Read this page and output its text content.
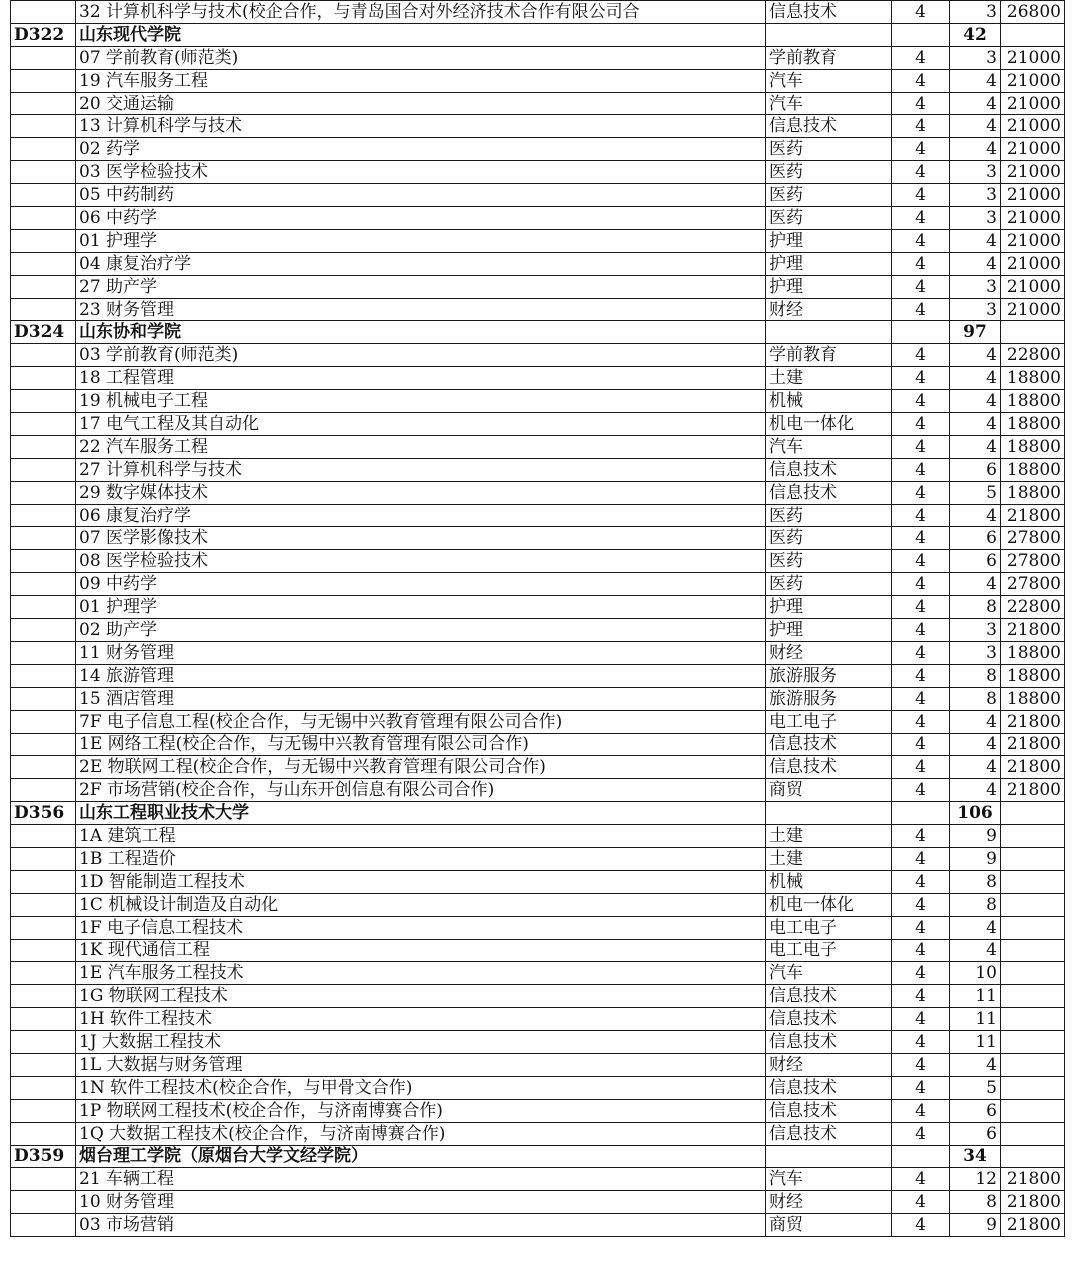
	32 计算机科学与技术(校企合作，与青岛国合对外经济技术合作有限公司合	信息技术	4	3	26800
D322	山东现代学院			42	
	07 学前教育(师范类)	学前教育	4	3	21000
	19 汽车服务工程	汽车	4	4	21000
	20 交通运输	汽车	4	4	21000
	13 计算机科学与技术	信息技术	4	4	21000
	02 药学	医药	4	4	21000
	03 医学检验技术	医药	4	3	21000
	05 中药制药	医药	4	3	21000
	06 中药学	医药	4	3	21000
	01 护理学	护理	4	4	21000
	04 康复治疗学	护理	4	4	21000
	27 助产学	护理	4	3	21000
	23 财务管理	财经	4	3	21000
D324	山东协和学院			97	
	03 学前教育(师范类)	学前教育	4	4	22800
	18 工程管理	土建	4	4	18800
	19 机械电子工程	机械	4	4	18800
	17 电气工程及其自动化	机电一体化	4	4	18800
	22 汽车服务工程	汽车	4	4	18800
	27 计算机科学与技术	信息技术	4	6	18800
	29 数字媒体技术	信息技术	4	5	18800
	06 康复治疗学	医药	4	4	21800
	07 医学影像技术	医药	4	6	27800
	08 医学检验技术	医药	4	6	27800
	09 中药学	医药	4	4	27800
	01 护理学	护理	4	8	22800
	02 助产学	护理	4	3	21800
	11 财务管理	财经	4	3	18800
	14 旅游管理	旅游服务	4	8	18800
	15 酒店管理	旅游服务	4	8	18800
	7F 电子信息工程(校企合作，与无锡中兴教育管理有限公司合作)	电工电子	4	4	21800
	1E 网络工程(校企合作，与无锡中兴教育管理有限公司合作)	信息技术	4	4	21800
	2E 物联网工程(校企合作，与无锡中兴教育管理有限公司合作)	信息技术	4	4	21800
	2F 市场营销(校企合作，与山东开创信息有限公司合作)	商贸	4	4	21800
D356	山东工程职业技术大学			106	
	1A 建筑工程	土建	4	9	
	1B 工程造价	土建	4	9	
	1D 智能制造工程技术	机械	4	8	
	1C 机械设计制造及自动化	机电一体化	4	8	
	1F 电子信息工程技术	电工电子	4	4	
	1K 现代通信工程	电工电子	4	4	
	1E 汽车服务工程技术	汽车	4	10	
	1G 物联网工程技术	信息技术	4	11	
	1H 软件工程技术	信息技术	4	11	
	1J 大数据工程技术	信息技术	4	11	
	1L 大数据与财务管理	财经	4	4	
	1N 软件工程技术(校企合作，与甲骨文合作)	信息技术	4	5	
	1P 物联网工程技术(校企合作，与济南博赛合作)	信息技术	4	6	
	1Q 大数据工程技术(校企合作，与济南博赛合作)	信息技术	4	6	
D359	烟台理工学院（原烟台大学文经学院）			34	
	21 车辆工程	汽车	4	12	21800
	10 财务管理	财经	4	8	21800
	03 市场营销	商贸	4	9	21800
